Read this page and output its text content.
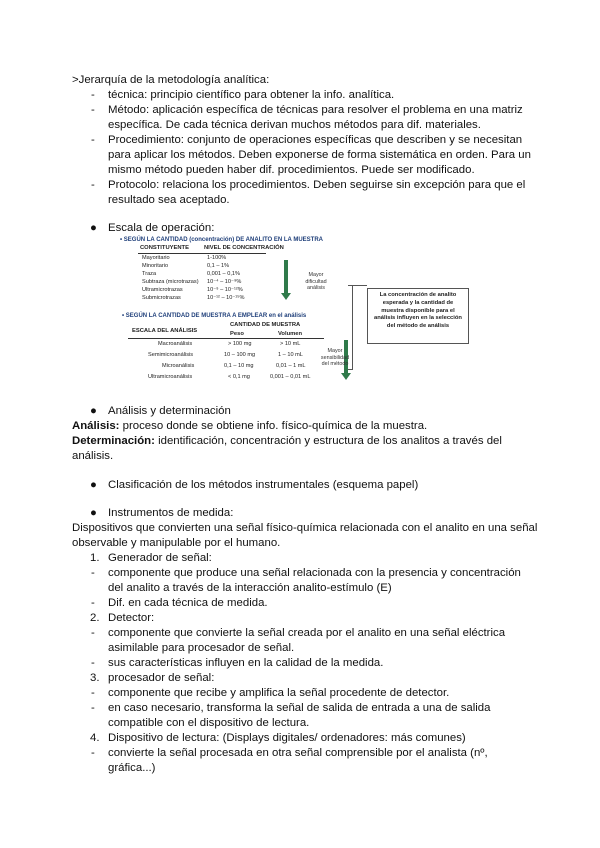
>Jerarquía de la metodología analítica:
- técnica: principio científico para obtener la info. analítica.
- Método: aplicación específica de técnicas para resolver el problema en una matriz
específica. De cada técnica derivan muchos métodos para dif. materiales.
- Procedimiento: conjunto de operaciones específicas que describen y se necesitan
para aplicar los métodos. Deben exponerse de forma sistemática en orden. Para un
mismo método pueden haber dif. procedimientos. Puede ser modificado.
- Protocolo: relaciona los procedimientos. Deben seguirse sin excepción para que el
resultado sea aceptado.
● Escala de operación:
• SEGÚN LA CANTIDAD (concentración) DE ANALITO EN LA MUESTRA
CONSTITUYENTE	NIVEL DE CONCENTRACIÓN
Mayoritario	1-100%
Minoritario	0,1 – 1%
Traza	0,001 – 0,1%
Subtraza (microtrazas) 10⁻⁴ – 10⁻⁹%
Ultramicrotrazas	10⁻⁹ – 10⁻¹²%
Submicrotrazas	10⁻¹² – 10⁻¹⁵%
Mayor dificultad análisis
• SEGÚN LA CANTIDAD DE MUESTRA A EMPLEAR en el análisis
CANTIDAD DE MUESTRA
ESCALA DEL ANÁLISIS	Peso	Volumen
Macroanálisis	> 100 mg	> 10 mL
Semimicroanálisis	10 – 100 mg	1 – 10 mL
Microanálisis	0,1 – 10 mg	0,01 – 1 mL
Ultramicroanálisis	< 0,1 mg	0,001 – 0,01 mL
Mayor sensibilidad del método
La concentración de analito esperada y la cantidad de muestra disponible para el análisis influyen en la selección del método de análisis
● Análisis y determinación
Análisis: proceso donde se obtiene info. físico-química de la muestra.
Determinación: identificación, concentración y estructura de los analitos a través del
análisis.
● Clasificación de los métodos instrumentales (esquema papel)
● Instrumentos de medida:
Dispositivos que convierten una señal físico-química relacionada con el analito en una señal
observable y manipulable por el humano.
1. Generador de señal:
- componente que produce una señal relacionada con la presencia y concentración
del analito a través de la interacción analito-estímulo (E)
- Dif. en cada técnica de medida.
2. Detector:
- componente que convierte la señal creada por el analito en una señal eléctrica
asimilable para procesador de señal.
- sus características influyen en la calidad de la medida.
3. procesador de señal:
- componente que recibe y amplifica la señal procedente de detector.
- en caso necesario, transforma la señal de salida de entrada a una de salida
compatible con el dispositivo de lectura.
4. Dispositivo de lectura: (Displays digitales/ ordenadores: más comunes)
- convierte la señal procesada en otra señal comprensible por el analista (nº,
gráfica...)
